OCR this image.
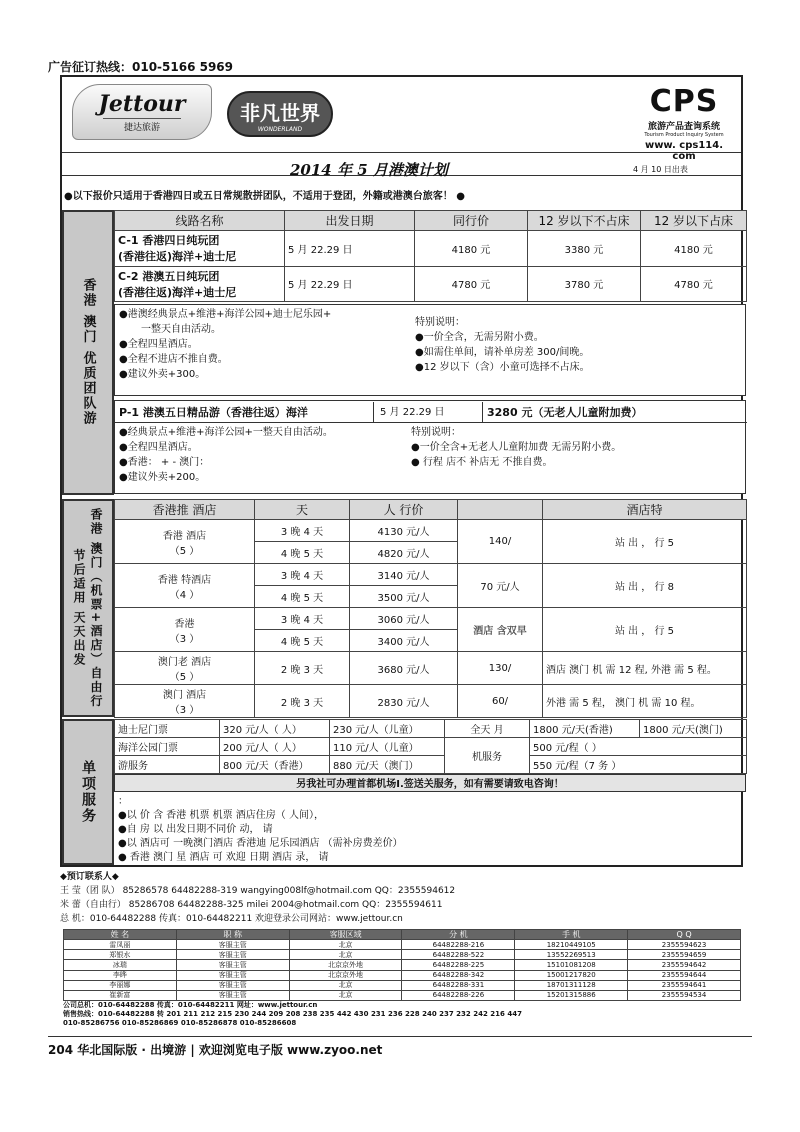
广告征订热线：010-5166 5969
Jettour
捷达旅游
非凡世界
WONDERLAND
CPS
旅游产品查询系统
Tourism Product Inquiry System
www. cps114. com
2014 年 5 月港澳计划	4 月 10 日出表
●以下报价只适用于香港四日或五日常规散拼团队，不适用于登团，外籍或港澳台旅客！ ●
香港 澳门 优质团队游
线路名称	出发日期	同行价	12 岁以下不占床	12 岁以下占床

C-1 香港四日纯玩团
(香港往返)海洋+迪士尼	5 月 22.29 日	4180 元	3380 元	4180 元

C-2 港澳五日纯玩团
(香港往返)海洋+迪士尼	5 月 22.29 日	4780 元	3780 元	4780 元
●港澳经典景点+维港+海洋公园+迪士尼乐园+
一整天自由活动。
●全程四星酒店。
●全程不进店不推自费。
●建议外卖+300。
特别说明：
●一价全含，无需另附小费。
●如需住单间，请补单房差 300/间晚。
●12 岁以下（含）小童可选择不占床。
P-1 港澳五日精品游（香港往返）海洋	5 月 22.29 日	3280 元（无老人儿童附加费）
●经典景点+维港+海洋公园+一整天自由活动。
●全程四星酒店。
●香港： + - 澳门：
●建议外卖+200。
特别说明：
●一价全含+无老人儿童附加费 无需另附小费。
● 行程 店不 补店无 不推自费。
香港 澳门（机票+酒店）自由行 节后适用 天天出发
香港推 酒店	天	人 行价		酒店特

香港 酒店
（5 ）	3 晚 4 天	4130 元/人	140/	站 出 ， 行 5
	4 晚 5 天	4820 元/人		

香港 特酒店
（4 ）	3 晚 4 天	3140 元/人	70 元/人	站 出 ， 行 8
	4 晚 5 天	3500 元/人		

香港
（3 ）	3 晚 4 天	3060 元/人	酒店 含双早	站 出 ， 行 5
	4 晚 5 天	3400 元/人		

澳门老 酒店
（5 ）	2 晚 3 天	3680 元/人	130/	酒店 澳门 机 需 12 程, 外港 需 5 程。

澳门 酒店
（3 ）	2 晚 3 天	2830 元/人	60/	外港 需 5 程， 澳门 机 需 10 程。
单项服务
迪士尼门票	320 元/人（ 人）	230 元/人（儿童）	全天 月	1800 元/天(香港)	1800 元/天(澳门)
海洋公园门票	200 元/人（ 人）	110 元/人（儿童）	机服务	500 元/程（ ）	
游服务	800 元/天（香港）	880 元/天（澳门）		550 元/程（7 务 ）	
另我社可办理首都机场Ⅰ.签送关服务，如有需要请致电咨询！
：
●以 价 含 香港 机票 机票 酒店住房（ 人间），
●自 房 以 出发日期不同价 动， 请
●以 酒店可 一晚澳门酒店 香港迪 尼乐园酒店 （需补房费差价）
● 香港 澳门 星 酒店 可 欢迎 日期 酒店 录， 请
◆预订联系人◆
王 莹（团 队） 85286578 64482288-319 wangying008lf@hotmail.com QQ：2355594612
米 蕾（自由行） 85286708 64482288-325 milei 2004@hotmail.com QQ：2355594611
总 机：010-64482288 传真：010-64482211 欢迎登录公司网站：www.jettour.cn
姓 名	职 称	客服区域	分 机	手 机	Q Q
雷凤丽	客服主管	北京	64482288-216	18210449105	2355594623
郑银水	客服主管	北京	64482288-522	13552269513	2355594659
冰瑞	客服主管	北京京外地	64482288-225	15101081208	2355594642
李晔	客服主管	北京京外地	64482288-342	15001217820	2355594644
李丽娜	客服主管	北京	64482288-331	18701311128	2355594641
崔新富	客服主管	北京	64482288-226	15201315886	2355594534
公司总机：010-64482288 传真：010-64482211 网址：www.jettour.cn
销售热线：010-64482288 转 201 211 212 215 230 244 209 208 238 235 442 430 231 236 228 240 237 232 242 216 447
010-85286756 010-85286869 010-85286878 010-85286608
204 华北国际版 · 出境游 | 欢迎浏览电子版 www.zyoo.net
